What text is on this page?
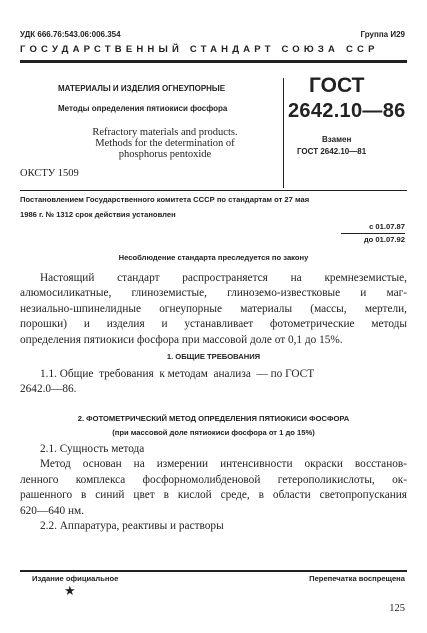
УДК 666.76:543.06:006.354	Группа И29
ГОСУДАРСТВЕННЫЙ СТАНДАРТ СОЮЗА ССР
МАТЕРИАЛЫ И ИЗДЕЛИЯ ОГНЕУПОРНЫЕ
Методы определения пятиокиси фосфора
Refractory materials and products.
Methods for the determination of
phosphorus pentoxide
ОКСТУ 1509
ГОСТ
2642.10—86
Взамен
ГОСТ 2642.10—81
Постановлением Государственного комитета СССР по стандартам от 27 мая
1986 г. № 1312 срок действия установлен
с 01.07.87
до 01.07.92
Несоблюдение стандарта преследуется по закону
Настоящий стандарт распространяется на кремнеземистые,
алюмосиликатные, глиноземистые, глиноземо-известковые и маг-
незиально-шпинелидные огнеупорные материалы (массы, мертели,
порошки) и изделия и устанавливает фотометрические методы
определения пятиокиси фосфора при массовой доле от 0,1 до 15%.
1. ОБЩИЕ ТРЕБОВАНИЯ
1.1. Общие  требования  к методам  анализа  — по ГОСТ
2642.0—86.
2. ФОТОМЕТРИЧЕСКИЙ МЕТОД ОПРЕДЕЛЕНИЯ ПЯТИОКИСИ ФОСФОРА
(при массовой доле пятиокиси фосфора от 1 до 15%)
2.1. Сущность метода
Метод основан на измерении интенсивности окраски восстанов-
ленного комплекса фосфорномолибденовой гетерополикислоты, ок-
рашенного в синий цвет в кислой среде, в области светопропускания
620—640 нм.
2.2. Аппаратура, реактивы и растворы
Издание официальное	Перепечатка воспрещена
★
125
